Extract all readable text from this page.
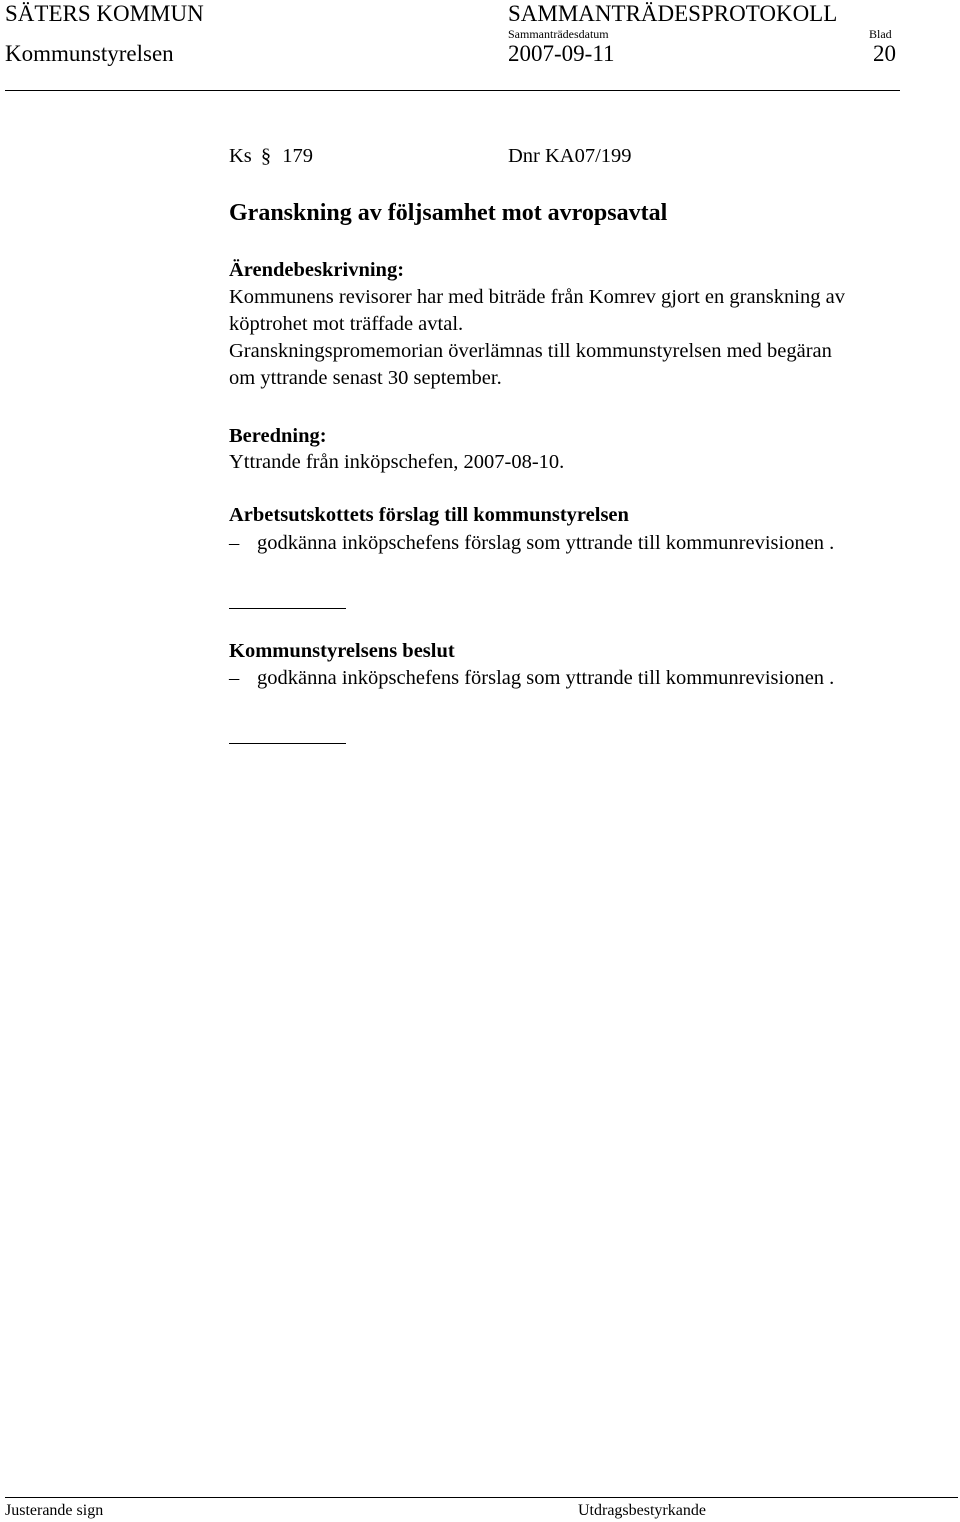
SÄTERS KOMMUN	SAMMANTRÄDESPROTOKOLL
Kommunstyrelsen
Sammanträdesdatum
2007-09-11
Blad
20
Ks § 179	Dnr KA07/199
Granskning av följsamhet mot avropsavtal
Ärendebeskrivning:
Kommunens revisorer har med biträde från Komrev gjort en granskning av
köptrohet mot träffade avtal.
Granskningspromemorian överlämnas till kommunstyrelsen med begäran
om yttrande senast 30 september.
Beredning:
Yttrande från inköpschefen, 2007-08-10.
Arbetsutskottets förslag till kommunstyrelsen
– godkänna inköpschefens förslag som yttrande till kommunrevisionen .
Kommunstyrelsens beslut
– godkänna inköpschefens förslag som yttrande till kommunrevisionen .
Justerande sign	Utdragsbestyrkande
